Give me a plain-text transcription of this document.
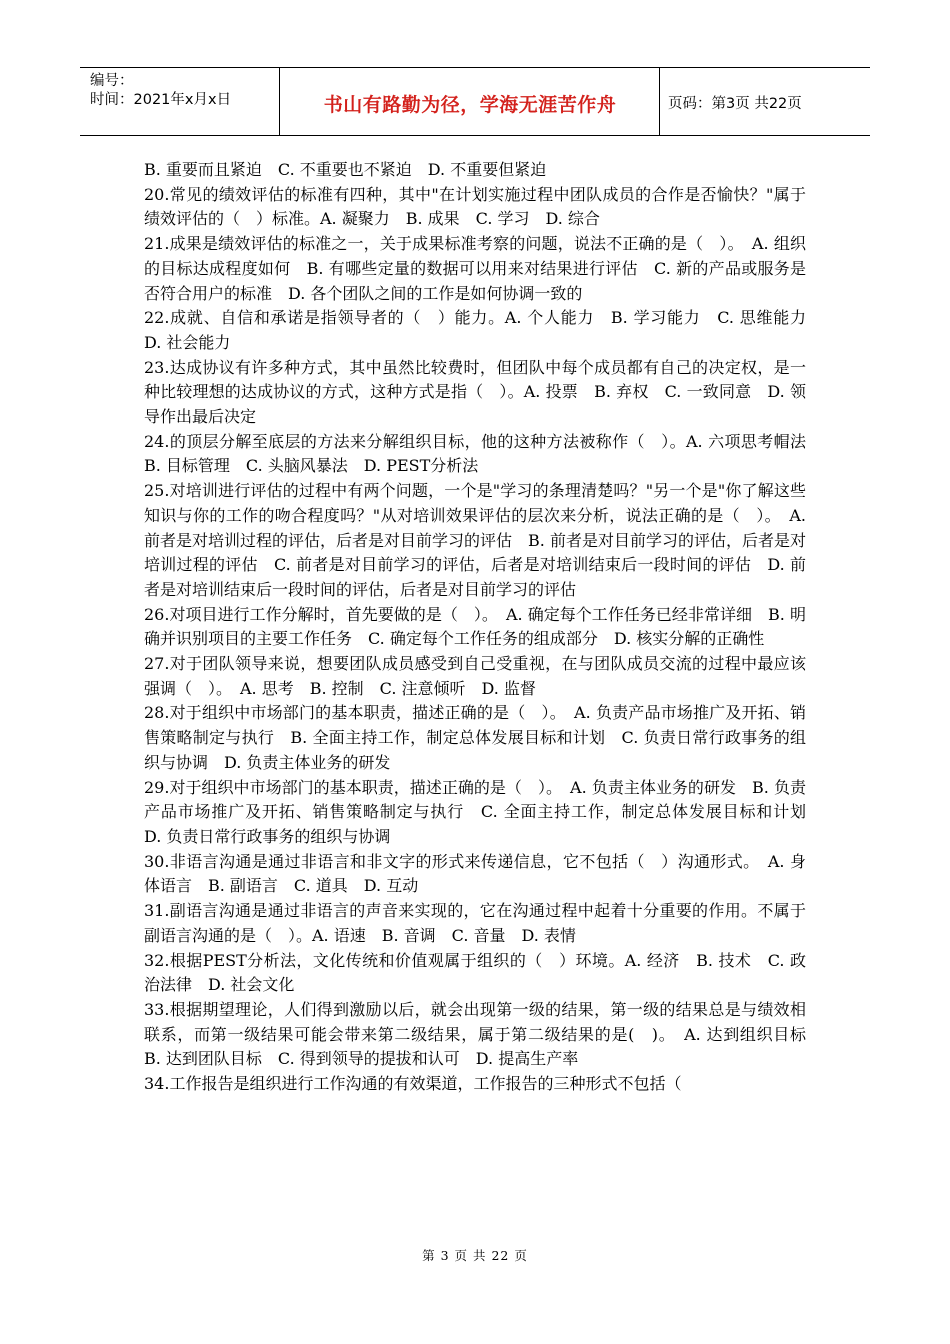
编号：
时间：2021年x月x日	书山有路勤为径，学海无涯苦作舟	页码：第3页 共22页

B. 重要而且紧迫　C. 不重要也不紧迫　D. 不重要但紧迫

20.常见的绩效评估的标准有四种，其中"在计划实施过程中团队成员的合作是否愉快？"属于绩效评估的（　）标准。A. 凝聚力　B. 成果　C. 学习　D. 综合

21.成果是绩效评估的标准之一，关于成果标准考察的问题，说法不正确的是（　）。　A. 组织的目标达成程度如何　B. 有哪些定量的数据可以用来对结果进行评估　C. 新的产品或服务是否符合用户的标准　D. 各个团队之间的工作是如何协调一致的

22.成就、自信和承诺是指领导者的（　）能力。A. 个人能力　B. 学习能力　C. 思维能力　D. 社会能力

23.达成协议有许多种方式，其中虽然比较费时，但团队中每个成员都有自己的决定权，是一种比较理想的达成协议的方式，这种方式是指（　）。A. 投票　B. 弃权　C. 一致同意　D. 领导作出最后决定

24.的顶层分解至底层的方法来分解组织目标，他的这种方法被称作（　）。A. 六项思考帽法　B. 目标管理　C. 头脑风暴法　D. PEST分析法

25.对培训进行评估的过程中有两个问题，一个是"学习的条理清楚吗？"另一个是"你了解这些知识与你的工作的吻合程度吗？"从对培训效果评估的层次来分析，说法正确的是（　）。　A. 前者是对培训过程的评估，后者是对目前学习的评估　B. 前者是对目前学习的评估，后者是对培训过程的评估　C. 前者是对目前学习的评估，后者是对培训结束后一段时间的评估　D. 前者是对培训结束后一段时间的评估，后者是对目前学习的评估

26.对项目进行工作分解时，首先要做的是（　）。　A. 确定每个工作任务已经非常详细　B. 明确并识别项目的主要工作任务　C. 确定每个工作任务的组成部分　D. 核实分解的正确性

27.对于团队领导来说，想要团队成员感受到自己受重视，在与团队成员交流的过程中最应该强调（　）。　A. 思考　B. 控制　C. 注意倾听　D. 监督

28.对于组织中市场部门的基本职责，描述正确的是（　）。　A. 负责产品市场推广及开拓、销售策略制定与执行　B. 全面主持工作，制定总体发展目标和计划　C. 负责日常行政事务的组织与协调　D. 负责主体业务的研发

29.对于组织中市场部门的基本职责，描述正确的是（　）。　A. 负责主体业务的研发　B. 负责产品市场推广及开拓、销售策略制定与执行　C. 全面主持工作，制定总体发展目标和计划　D. 负责日常行政事务的组织与协调

30.非语言沟通是通过非语言和非文字的形式来传递信息，它不包括（　）沟通形式。　A. 身体语言　B. 副语言　C. 道具　D. 互动

31.副语言沟通是通过非语言的声音来实现的，它在沟通过程中起着十分重要的作用。不属于副语言沟通的是（　）。A. 语速　B. 音调　C. 音量　D. 表情

32.根据PEST分析法，文化传统和价值观属于组织的（　）环境。A. 经济　B. 技术　C. 政治法律　D. 社会文化

33.根据期望理论，人们得到激励以后，就会出现第一级的结果，第一级的结果总是与绩效相联系，而第一级结果可能会带来第二级结果，属于第二级结果的是(　)。　A. 达到组织目标　B. 达到团队目标　C. 得到领导的提拔和认可　D. 提高生产率

34.工作报告是组织进行工作沟通的有效渠道，工作报告的三种形式不包括（

第 3 页 共 22 页
